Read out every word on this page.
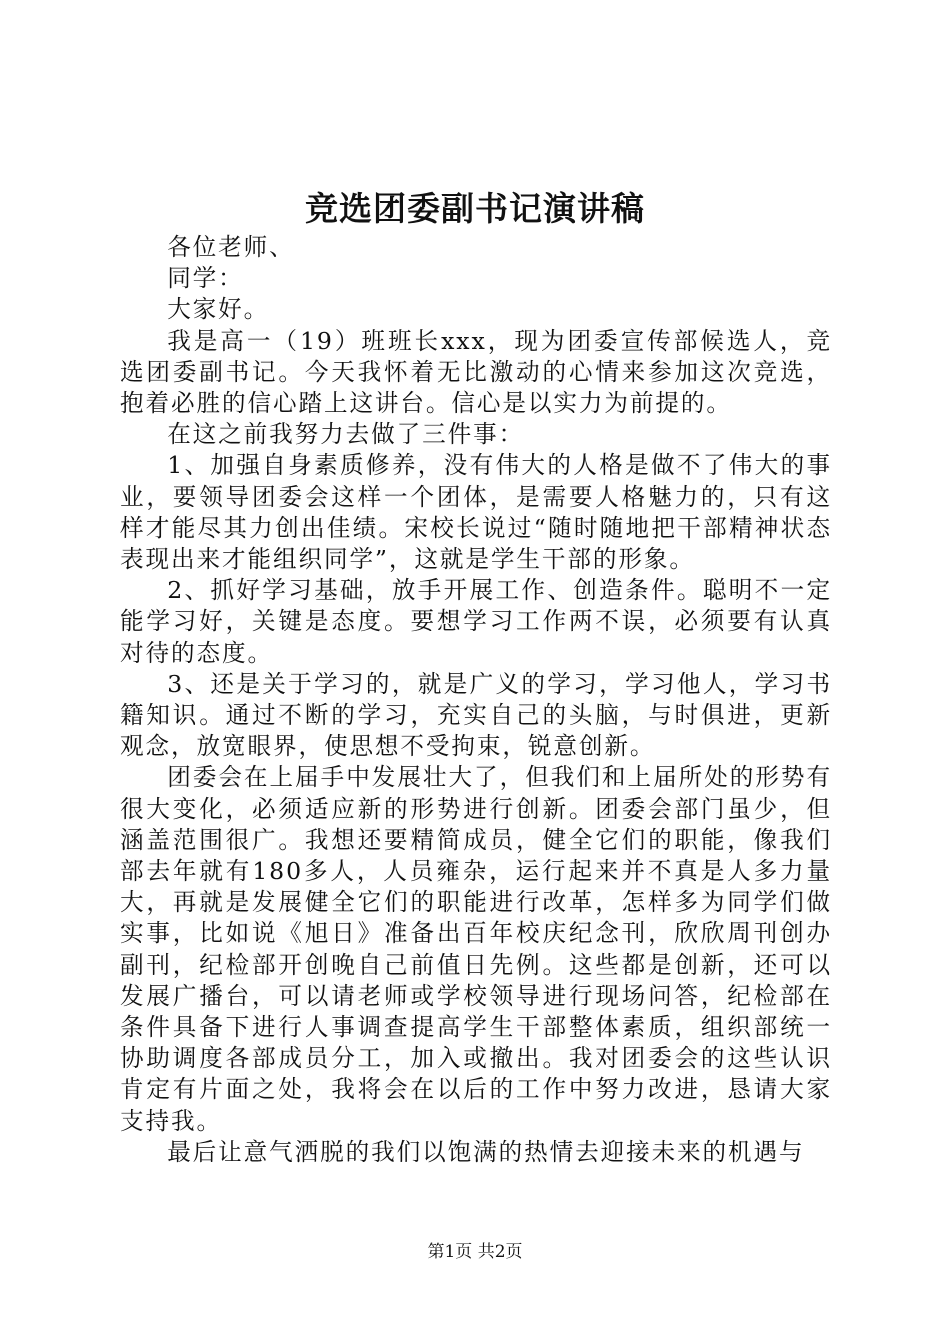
竞选团委副书记演讲稿

各位老师、

同学：

大家好。

我是高一（19）班班长xxx，现为团委宣传部候选人，竞选团委副书记。今天我怀着无比激动的心情来参加这次竞选，抱着必胜的信心踏上这讲台。信心是以实力为前提的。

在这之前我努力去做了三件事：

1、加强自身素质修养，没有伟大的人格是做不了伟大的事业，要领导团委会这样一个团体，是需要人格魅力的，只有这样才能尽其力创出佳绩。宋校长说过“随时随地把干部精神状态表现出来才能组织同学”，这就是学生干部的形象。

2、抓好学习基础，放手开展工作、创造条件。聪明不一定能学习好，关键是态度。要想学习工作两不误，必须要有认真对待的态度。

3、还是关于学习的，就是广义的学习，学习他人，学习书籍知识。通过不断的学习，充实自己的头脑，与时俱进，更新观念，放宽眼界，使思想不受拘束，锐意创新。

团委会在上届手中发展壮大了，但我们和上届所处的形势有很大变化，必须适应新的形势进行创新。团委会部门虽少，但涵盖范围很广。我想还要精简成员，健全它们的职能，像我们部去年就有180多人，人员雍杂，运行起来并不真是人多力量大，再就是发展健全它们的职能进行改革，怎样多为同学们做实事，比如说《旭日》准备出百年校庆纪念刊，欣欣周刊创办副刊，纪检部开创晚自己前值日先例。这些都是创新，还可以发展广播台，可以请老师或学校领导进行现场问答，纪检部在条件具备下进行人事调查提高学生干部整体素质，组织部统一协助调度各部成员分工，加入或撤出。我对团委会的这些认识肯定有片面之处，我将会在以后的工作中努力改进，恳请大家支持我。

最后让意气洒脱的我们以饱满的热情去迎接未来的机遇与

第1页 共2页
